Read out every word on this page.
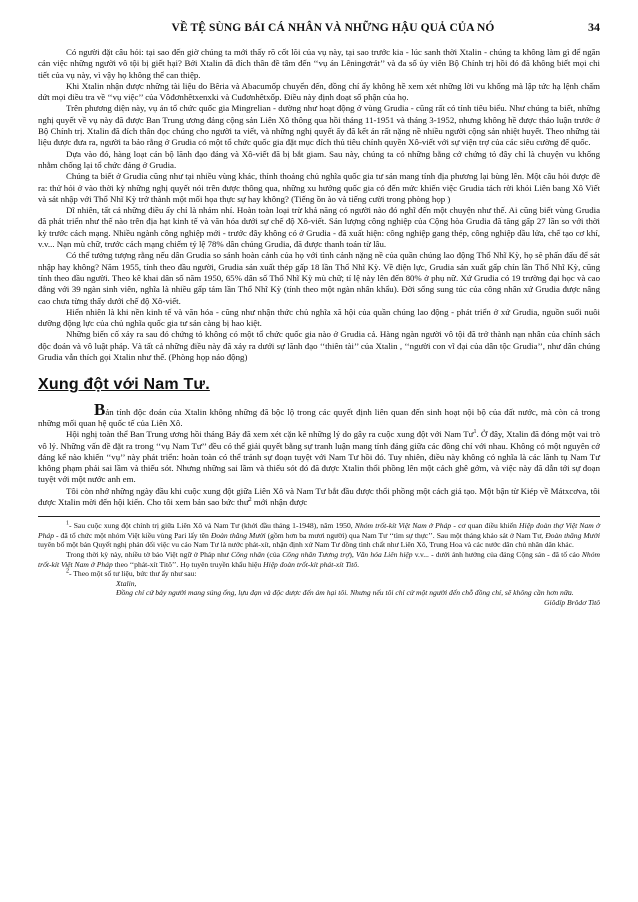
VỀ TỆ SÙNG BÁI CÁ NHÂN VÀ NHỮNG HẬU QUẢ CỦA NÓ	34

Có người đặt câu hỏi: tại sao đến giờ chúng ta mới thấy rõ cốt lõi của vụ này, tại sao trước kia - lúc sanh thời Xtalin - chúng ta không làm gì để ngăn cản việc những người vô tội bị giết hại? Bởi Xtalin đã đích thân đề tâm đến ‘‘vụ án Lêningơrát’’ và đa số ủy viên Bộ Chính trị hồi đó đã không biết mọi chi tiết của vụ này, vì vậy họ không thể can thiệp.

Khi Xtalin nhận được những tài liệu do Bêria và Abacumốp chuyển đến, đồng chí ấy không hề xem xét những lời vu khống mà lập tức hạ lệnh chấm dứt mọi điều tra về ‘‘vụ việc’’ của Vôđơnhêtxenxki và Cuđơnhêtxốp. Điều này định đoạt số phận của họ.

Trên phương diện này, vụ án tổ chức quốc gia Mingrelian - dường như hoạt động ở vùng Grudia - cũng rất có tính tiêu biểu. Như chúng ta biết, những nghị quyết về vụ này đã được Ban Trung ương đảng cộng sản Liên Xô thông qua hồi tháng 11-1951 và tháng 3-1952, nhưng không hề được thảo luận trước ở Bộ Chính trị. Xtalin đã đích thân đọc chúng cho người ta viết, và những nghị quyết ấy đã kết án rất nặng nề nhiều người cộng sản nhiệt huyết. Theo những tài liệu được đưa ra, người ta bảo rằng ở Grudia có một tổ chức quốc gia đặt mục đích thủ tiêu chính quyền Xô-viết với sự viện trợ của các siêu cường đế quốc.

Dựa vào đó, hàng loạt cán bộ lãnh đạo đảng và Xô-viết đã bị bắt giam. Sau này, chúng ta có những bằng cớ chứng tỏ đây chỉ là chuyện vu khống nhằm chống lại tổ chức đảng ở Grudia.

Chúng ta biết ở Grudia cũng như tại nhiều vùng khác, thỉnh thoảng chủ nghĩa quốc gia tư sản mang tính địa phương lại bùng lên. Một câu hỏi được đề ra: thử hỏi ở vào thời kỳ những nghị quyết nói trên được thông qua, những xu hướng quốc gia có đến mức khiến việc Grudia tách rời khỏi Liên bang Xô Viết và sát nhập với Thổ Nhĩ Kỳ trở thành một mối họa thực sự hay không? (Tiếng ồn ào và tiếng cười trong phòng họp )

Dĩ nhiên, tất cả những điều ấy chỉ là nhảm nhí. Hoàn toàn loại trừ khả năng có người nào đó nghĩ đến một chuyện như thế. Ai cũng biết vùng Grudia đã phát triển như thế nào trên địa hạt kinh tế và văn hóa dưới sự chế độ Xô-viết. Sản lượng công nghiệp của Cộng hòa Grudia đã tăng gấp 27 lần so với thời kỳ trước cách mạng. Nhiều ngành công nghiệp mới - trước đây không có ở Grudia - đã xuất hiện: công nghiệp gang thép, công nghiệp dầu lửa, chế tạo cơ khí, v.v... Nạn mù chữ, trước cách mạng chiếm tỷ lệ 78% dân chúng Grudia, đã được thanh toán từ lâu.

Có thể tưởng tượng rằng nếu dân Grudia so sánh hoàn cảnh của họ với tình cảnh nặng nề của quần chúng lao động Thổ Nhĩ Kỳ, họ sẽ phấn đấu để sát nhập hay không? Năm 1955, tính theo đầu người, Grudia sản xuất thép gấp 18 lần Thổ Nhĩ Kỳ. Về điện lực, Grudia sản xuất gấp chín lần Thổ Nhĩ Kỳ, cũng tính theo đầu người. Theo kê khai dân số năm 1950, 65% dân số Thổ Nhĩ Kỳ mù chữ; tỉ lệ này lên đến 80% ở phụ nữ. Xứ Grudia có 19 trường đại học và cao đẳng với 39 ngàn sinh viên, nghĩa là nhiều gấp tám lần Thổ Nhĩ Kỳ (tính theo một ngàn nhân khẩu). Đời sống sung túc của công nhân xứ Grudia được nâng cao chưa từng thấy dưới chế độ Xô-viết.

Hiển nhiên là khi nền kinh tế và văn hóa - cũng như nhận thức chủ nghĩa xã hội của quần chúng lao động - phát triển ở xứ Grudia, nguồn suối nuôi dưỡng động lực của chủ nghĩa quốc gia tư sản càng bị hao kiệt.

Những biến cố xảy ra sau đó chứng tỏ không có một tổ chức quốc gia nào ở Grudia cả. Hàng ngàn người vô tội đã trở thành nạn nhân của chính sách độc đoán và vô luật pháp. Và tất cả những điều này đã xảy ra dưới sự lãnh đạo ‘‘thiên tài’’ của Xtalin , ‘‘người con vĩ đại của dân tộc Grudia’’, như dân chúng Grudia vẫn thích gọi Xtalin như thế. (Phòng họp náo động)

Xung đột với Nam Tư.

Bản tính độc đoán của Xtalin không những đã bộc lộ trong các quyết định liên quan đến sinh hoạt nội bộ của đất nước, mà còn cả trong những mối quan hệ quốc tế của Liên Xô.

Hội nghị toàn thể Ban Trung ương hồi tháng Bảy đã xem xét cặn kẽ những lý do gây ra cuộc xung đột với Nam $Tư^1$. Ở đây, Xtalin đã đóng một vai trò vô lý. Những vấn đề đặt ra trong ‘‘vụ Nam Tư’’ đều có thể giải quyết bằng sự tranh luận mang tính đảng giữa các đồng chí với nhau. Không có một nguyên cớ đáng kể nào khiến ‘‘vụ’’ này phát triển: hoàn toàn có thể tránh sự đoạn tuyệt với Nam Tư hồi đó. Tuy nhiên, điều này không có nghĩa là các lãnh tụ Nam Tư không phạm phải sai lầm và thiếu sót. Nhưng những sai lầm và thiếu sót đó đã được Xtalin thổi phồng lên một cách ghê gớm, và việc này đã dẫn tới sự đoạn tuyệt với một nước anh em.

Tôi còn nhớ những ngày đầu khi cuộc xung đột giữa Liên Xô và Nam Tư bắt đầu được thổi phồng một cách giả tạo. Một bận từ Kiép về Mátxcơva, tôi được Xtalin mời đến hội kiến. Cho tôi xem bản sao bức thư$^2$ mới nhận được

$^1$- Sau cuộc xung đột chính trị giữa Liên Xô và Nam Tư (khởi đầu tháng 1-1948), năm 1950, Nhóm trốt-kít Việt Nam ở Pháp - cơ quan điều khiển Hiệp đoàn thợ Việt Nam ở Pháp - đã tổ chức một nhóm Việt kiều vùng Pari lấy tên Đoàn thăng Mười (gồm hơn ba mươi người) qua Nam Tư ‘‘tìm sự thực’’. Sau một tháng khảo sát ở Nam Tư, Đoàn thăng Mười tuyên bố một bản Quyết nghị phản đối việc vu cáo Nam Tư là nước phát-xít, nhận định xứ Nam Tư đồng tình chất như Liên Xô, Trung Hoa và các nước dân chủ nhân dân khác.

Trong thời kỳ này, nhiều tờ báo Việt ngữ ở Pháp như Công nhân (của Công nhân Tương trợ), Văn hóa Liên hiệp v.v... - dưới ảnh hưởng của đảng Cộng sản - đã tố cáo Nhóm trốt-kít Việt Nam ở Pháp theo ‘‘phát-xít Titô’’. Họ tuyên truyền khẩu hiệu Hiệp đoàn trốt-kít phát-xít Titô.

$^2$- Theo một số tư liệu, bức thư ấy như sau:

Xtalin,

Đồng chí cứ bảy người mang súng ống, lựu đạn và độc dược đến ám hại tôi. Nhưng nếu tôi chỉ cử một người đến chỗ đồng chí, sẽ không cần hơn nữa.

Giôdíp Brôdơ Titô
